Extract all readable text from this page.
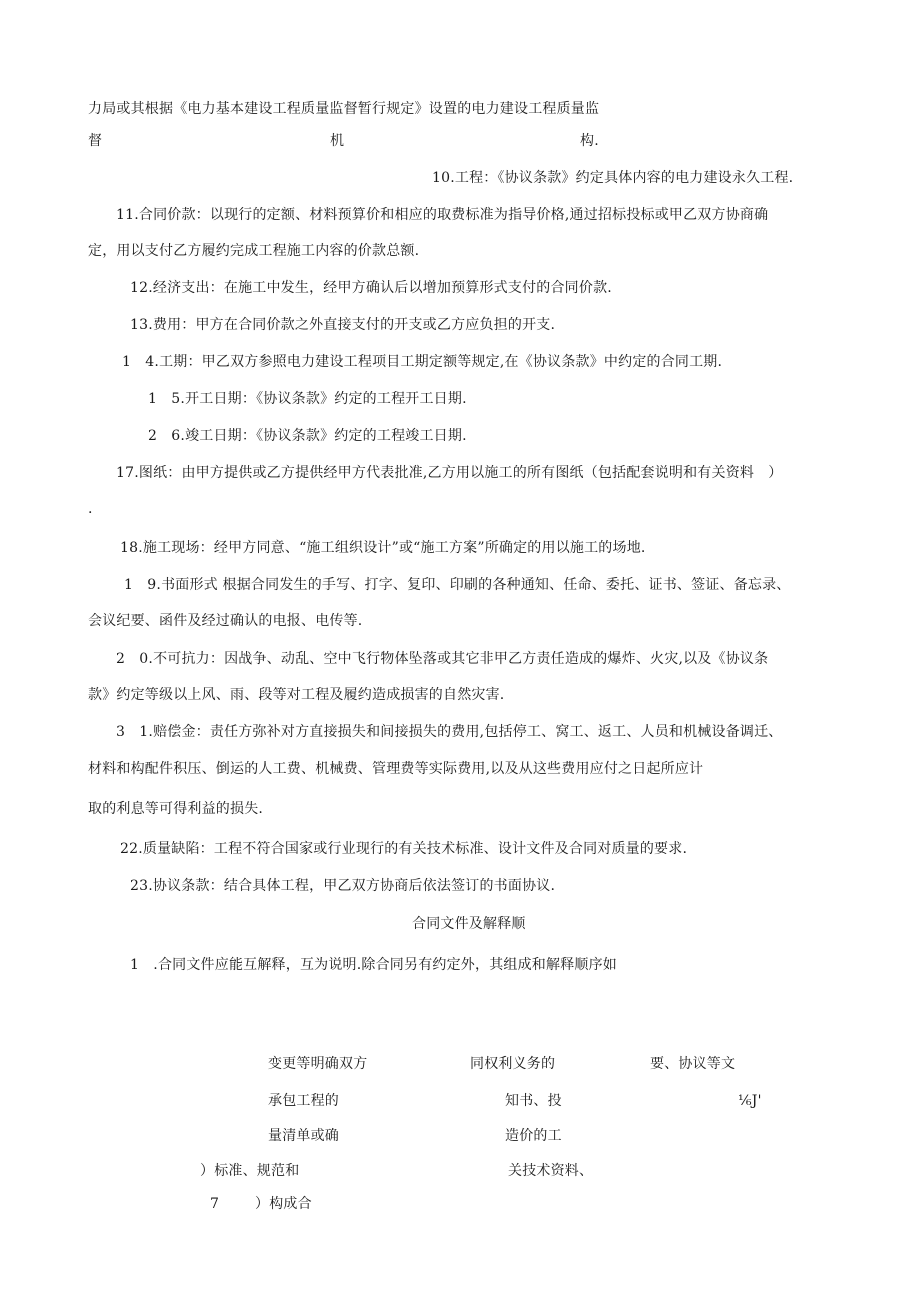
力局或其根据《电力基本建设工程质量监督暂行规定》设置的电力建设工程质量监
督	机	构.
10.工程：《协议条款》约定具体内容的电力建设永久工程.
11.合同价款：以现行的定额、材料预算价和相应的取费标准为指导价格,通过招标投标或甲乙双方协商确
定，用以支付乙方履约完成工程施工内容的价款总额.
12.经济支出：在施工中发生，经甲方确认后以增加预算形式支付的合同价款.
13.费用：甲方在合同价款之外直接支付的开支或乙方应负担的开支.
1　4.工期：甲乙双方参照电力建设工程项目工期定额等规定,在《协议条款》中约定的合同工期.
1　5.开工日期：《协议条款》约定的工程开工日期.
2　6.竣工日期：《协议条款》约定的工程竣工日期.
17.图纸：由甲方提供或乙方提供经甲方代表批准,乙方用以施工的所有图纸（包括配套说明和有关资料　）
.
18.施工现场：经甲方同意、“施工组织设计”或“施工方案”所确定的用以施工的场地.
1　9.书面形式 根据合同发生的手写、打字、复印、印刷的各种通知、任命、委托、证书、签证、备忘录、
会议纪要、函件及经过确认的电报、电传等.
2　0.不可抗力：因战争、动乱、空中飞行物体坠落或其它非甲乙方责任造成的爆炸、火灾,以及《协议条
款》约定等级以上风、雨、段等对工程及履约造成损害的自然灾害.
3　1.赔偿金：责任方弥补对方直接损失和间接损失的费用,包括停工、窝工、返工、人员和机械设备调迁、
材料和构配件积压、倒运的人工费、机械费、管理费等实际费用,以及从这些费用应付之日起所应计
取的利息等可得利益的损失.
22.质量缺陷：工程不符合国家或行业现行的有关技术标准、设计文件及合同对质量的要求.
23.协议条款：结合具体工程，甲乙双方协商后依法签订的书面协议.
合同文件及解释顺
1　.合同文件应能互解释，互为说明.除合同另有约定外，其组成和解释顺序如
变更等明确双方	同权利义务的	要、协议等文
承包工程的	知书、投	⅙J'
量清单或确	造价的工
）标准、规范和	关技术资料、
7	）构成合
